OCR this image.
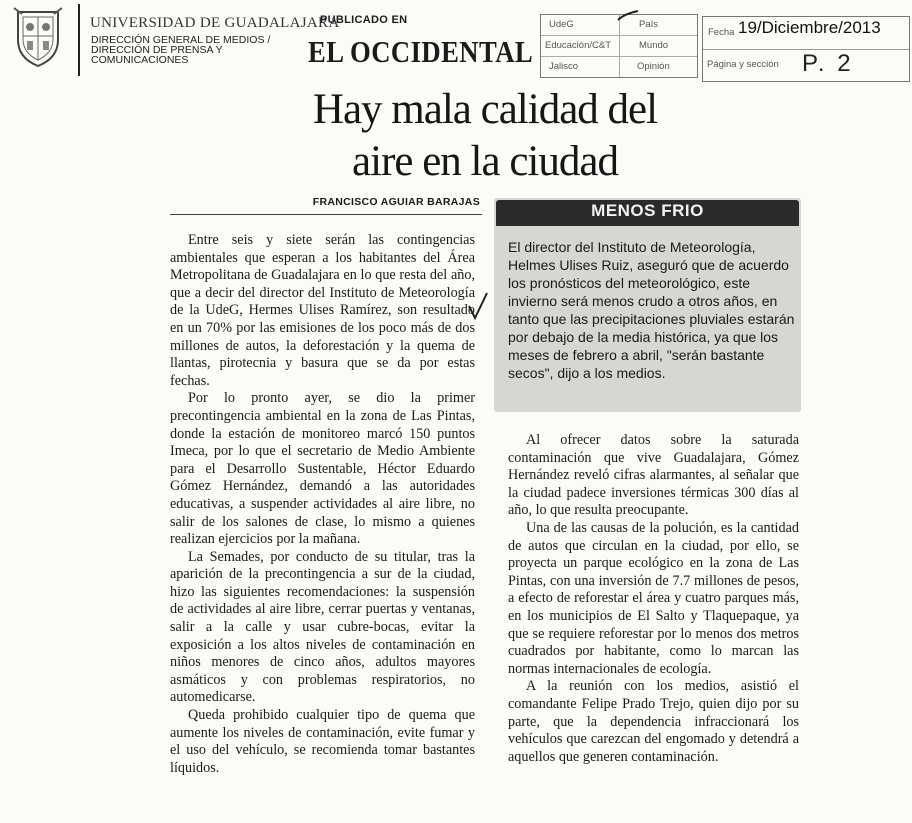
UNIVERSIDAD DE GUADALAJARA
DIRECCIÓN GENERAL DE MEDIOS /
DIRECCIÓN DE PRENSA Y
COMUNICACIONES
PUBLICADO EN
EL OCCIDENTAL
UdeG
Educación/C&T
Jalisco
País
Mundo
Opinión
Fecha 19/Diciembre/2013
Página y sección P. 2
Hay mala calidad del
aire en la ciudad
FRANCISCO AGUIAR BARAJAS

Entre seis y siete serán las contingencias ambientales que esperan a los habitantes del Área Metropolitana de Guadalajara en lo que resta del año, que a decir del director del Instituto de Meteorología de la UdeG, Hermes Ulises Ramírez, son resultado en un 70% por las emisiones de los poco más de dos millones de autos, la deforestación y la quema de llantas, pirotecnia y basura que se da por estas fechas.

Por lo pronto ayer, se dio la primer precontingencia ambiental en la zona de Las Pintas, donde la estación de monitoreo marcó 150 puntos Imeca, por lo que el secretario de Medio Ambiente para el Desarrollo Sustentable, Héctor Eduardo Gómez Hernández, demandó a las autoridades educativas, a suspender actividades al aire libre, no salir de los salones de clase, lo mismo a quienes realizan ejercicios por la mañana.

La Semades, por conducto de su titular, tras la aparición de la precontingencia a sur de la ciudad, hizo las siguientes recomendaciones: la suspensión de actividades al aire libre, cerrar puertas y ventanas, salir a la calle y usar cubre-bocas, evitar la exposición a los altos niveles de contaminación en niños menores de cinco años, adultos mayores asmáticos y con problemas respiratorios, no automedicarse.

Queda prohibido cualquier tipo de quema que aumente los niveles de contaminación, evite fumar y el uso del vehículo, se recomienda tomar bastantes líquidos.

MENOS FRIO
El director del Instituto de Meteorología, Helmes Ulises Ruiz, aseguró que de acuerdo los pronósticos del meteorológico, este invierno será menos crudo a otros años, en tanto que las precipitaciones pluviales estarán por debajo de la media histórica, ya que los meses de febrero a abril, "serán bastante secos", dijo a los medios.

Al ofrecer datos sobre la saturada contaminación que vive Guadalajara, Gómez Hernández reveló cifras alarmantes, al señalar que la ciudad padece inversiones térmicas 300 días al año, lo que resulta preocupante.

Una de las causas de la polución, es la cantidad de autos que circulan en la ciudad, por ello, se proyecta un parque ecológico en la zona de Las Pintas, con una inversión de 7.7 millones de pesos, a efecto de reforestar el área y cuatro parques más, en los municipios de El Salto y Tlaquepaque, ya que se requiere reforestar por lo menos dos metros cuadrados por habitante, como lo marcan las normas internacionales de ecología.

A la reunión con los medios, asistió el comandante Felipe Prado Trejo, quien dijo por su parte, que la dependencia infraccionará los vehículos que carezcan del engomado y detendrá a aquellos que generen contaminación.
